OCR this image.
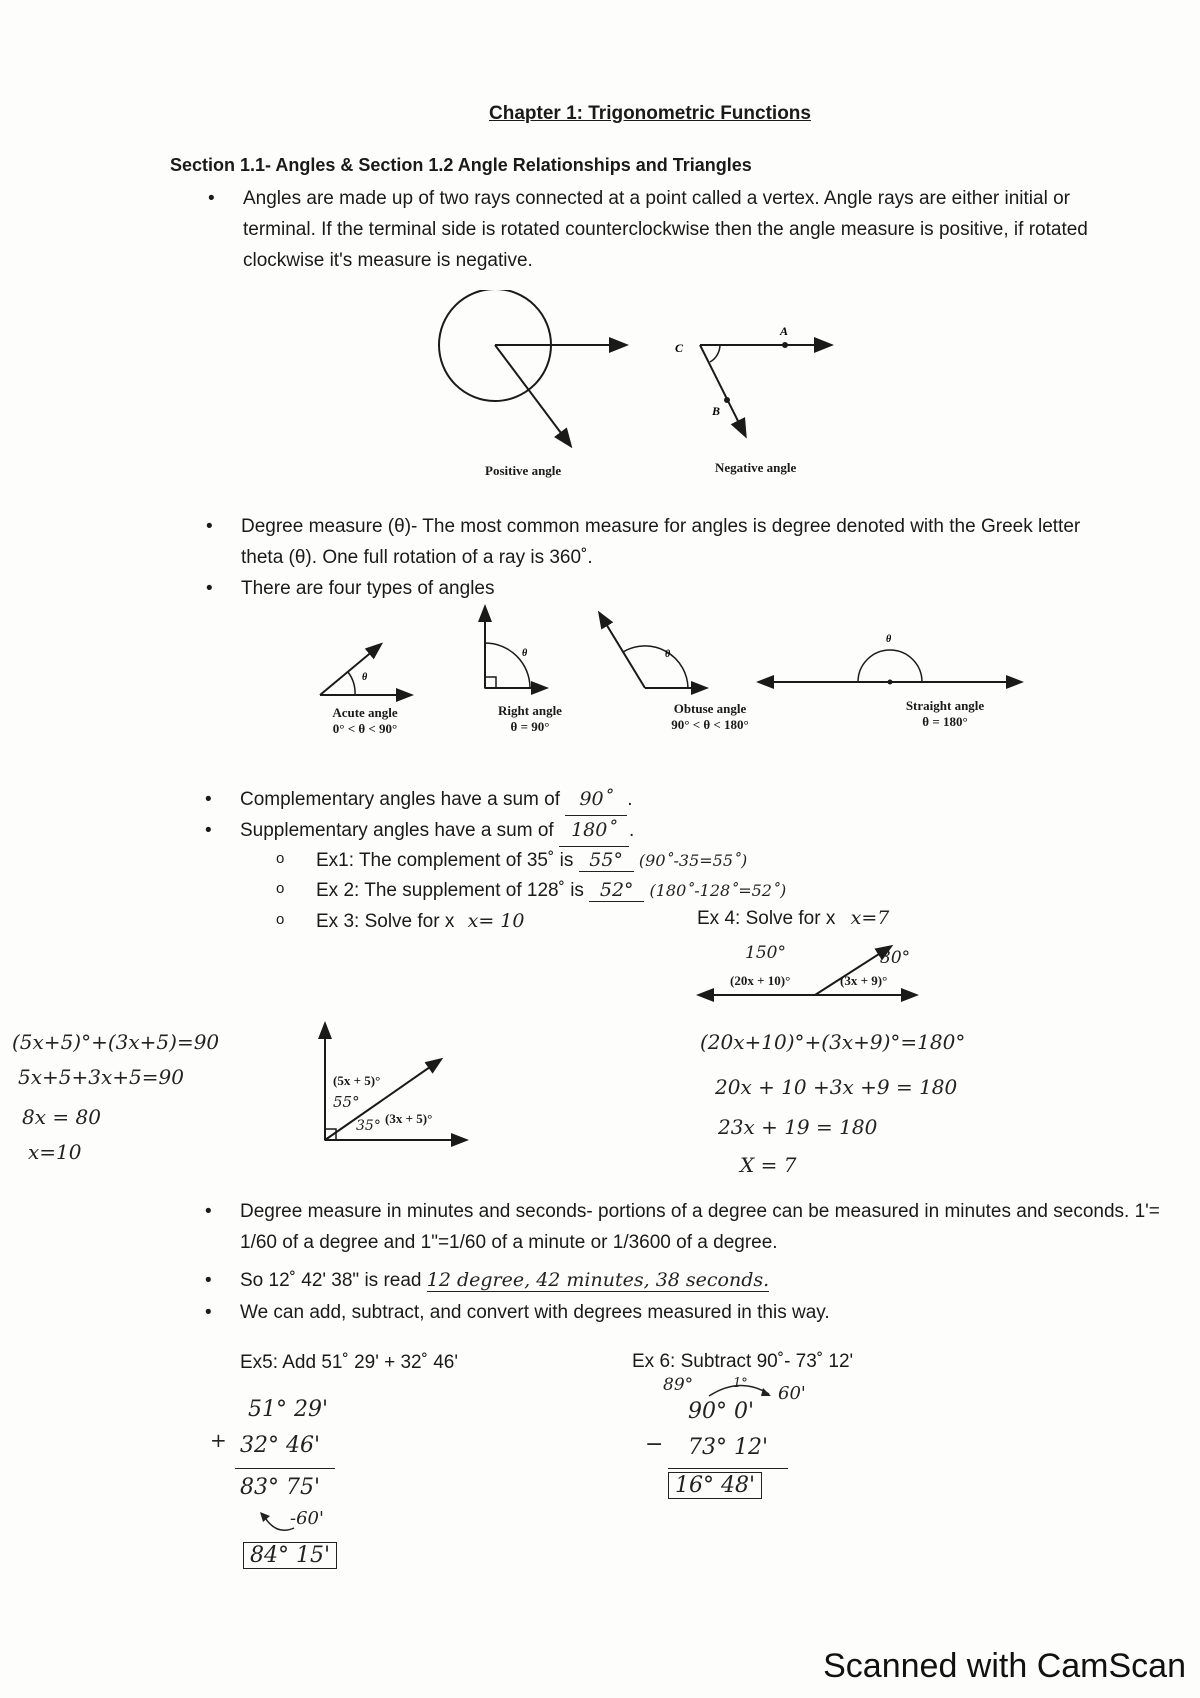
Chapter 1: Trigonometric Functions
Section 1.1- Angles & Section 1.2 Angle Relationships and Triangles
• Angles are made up of two rays connected at a point called a vertex. Angle rays are either initial or terminal. If the terminal side is rotated counterclockwise then the angle measure is positive, if rotated clockwise it's measure is negative.
C
A
B
Positive angle	Negative angle
• Degree measure (θ)- The most common measure for angles is degree denoted with the Greek letter theta (θ). One full rotation of a ray is 360˚.
• There are four types of angles
θ
θ	θ
θ
Acute angle
0° < θ < 90°
Right angle
θ = 90°
Obtuse angle
90° < θ < 180°
Straight angle
θ = 180°
• Complementary angles have a sum of 90˚ .
• Supplementary angles have a sum of 180˚ .
o Ex1: The complement of 35˚ is 55° (90˚-35=55˚)
o Ex 2: The supplement of 128˚ is 52° (180˚-128˚=52˚)
o Ex 3: Solve for x x= 10	Ex 4: Solve for x x=7
150°	30°
(20x + 10)°	(3x + 9)°
(5x+5)°+(3x+5)=90
5x+5+3x+5=90
8x = 80
x=10
(5x + 5)°
(3x + 5)°
55°
35°
(20x+10)°+(3x+9)°=180°
20x + 10 +3x +9 = 180
23x + 19 = 180
X = 7
• Degree measure in minutes and seconds- portions of a degree can be measured in minutes and seconds. 1'= 1/60 of a degree and 1"=1/60 of a minute or 1/3600 of a degree.
• So 12˚ 42' 38" is read 12 degree, 42 minutes, 38 seconds.
• We can add, subtract, and convert with degrees measured in this way.
Ex5: Add 51˚ 29' + 32˚ 46'
51° 29'
+ 32° 46'
83° 75'
-60'
84° 15'
Ex 6: Subtract 90˚- 73˚ 12'
89°	1° 60'
90° 0'
− 73° 12'
16° 48'
Scanned with CamScan
